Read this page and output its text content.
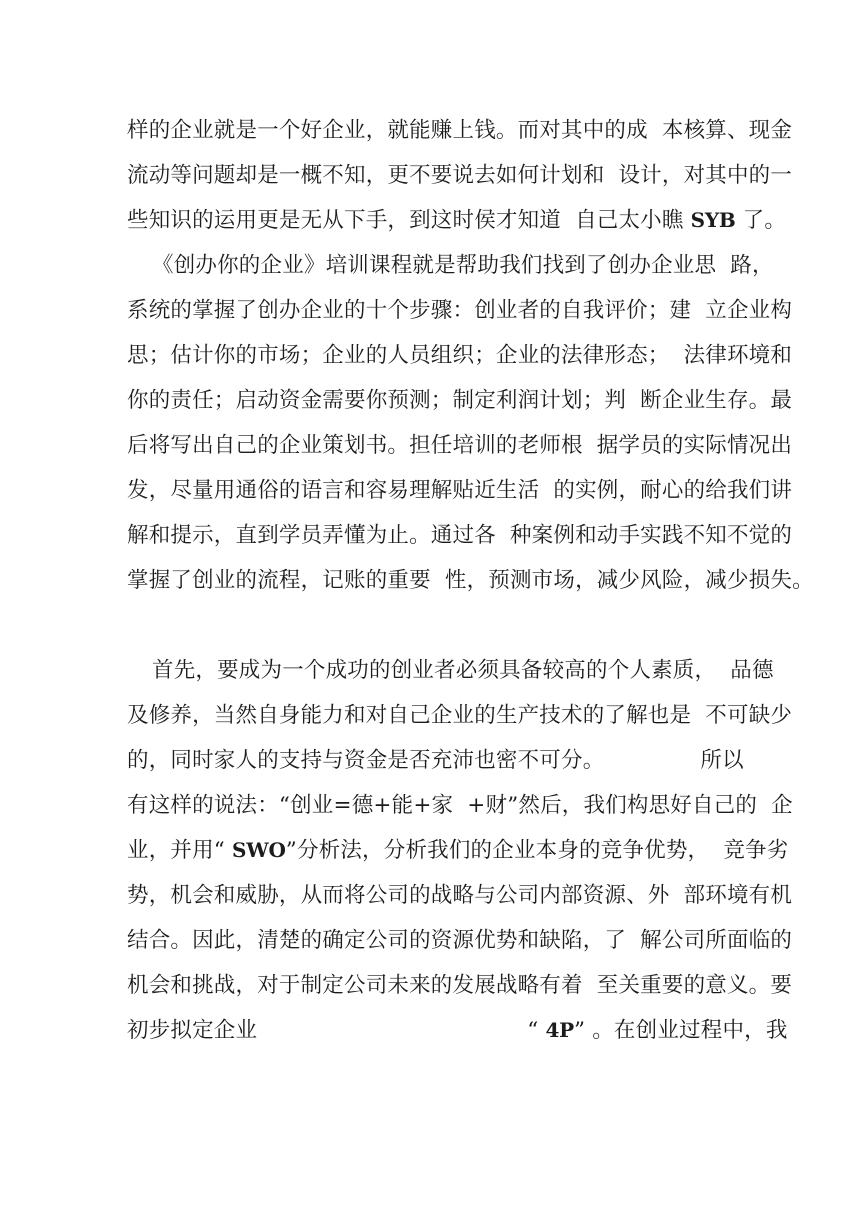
样的企业就是一个好企业，就能赚上钱。而对其中的成  本核算、现金
流动等问题却是一概不知，更不要说去如何计划和  设计，对其中的一
些知识的运用更是无从下手，到这时侯才知道  自己太小瞧 SYB 了。
《创办你的企业》培训课程就是帮助我们找到了创办企业思  路，
系统的掌握了创办企业的十个步骤：创业者的自我评价；建  立企业构
思；估计你的市场；企业的人员组织；企业的法律形态；  法律环境和
你的责任；启动资金需要你预测；制定利润计划；判  断企业生存。最
后将写出自己的企业策划书。担任培训的老师根  据学员的实际情况出
发，尽量用通俗的语言和容易理解贴近生活  的实例，耐心的给我们讲
解和提示，直到学员弄懂为止。通过各  种案例和动手实践不知不觉的
掌握了创业的流程，记账的重要  性，预测市场，减少风险，减少损失。

首先，要成为一个成功的创业者必须具备较高的个人素质，  品德
及修养，当然自身能力和对自己企业的生产技术的了解也是  不可缺少
的，同时家人的支持与资金是否充沛也密不可分。	所以
有这样的说法：“创业=德+能+家  +财”然后，我们构思好自己的  企
业，并用“ SWO”分析法，分析我们的企业本身的竞争优势，  竞争劣
势，机会和威胁，从而将公司的战略与公司内部资源、外  部环境有机
结合。因此，清楚的确定公司的资源优势和缺陷，了  解公司所面临的
机会和挑战，对于制定公司未来的发展战略有着  至关重要的意义。要
初步拟定企业	“ 4P” 。在创业过程中，我
